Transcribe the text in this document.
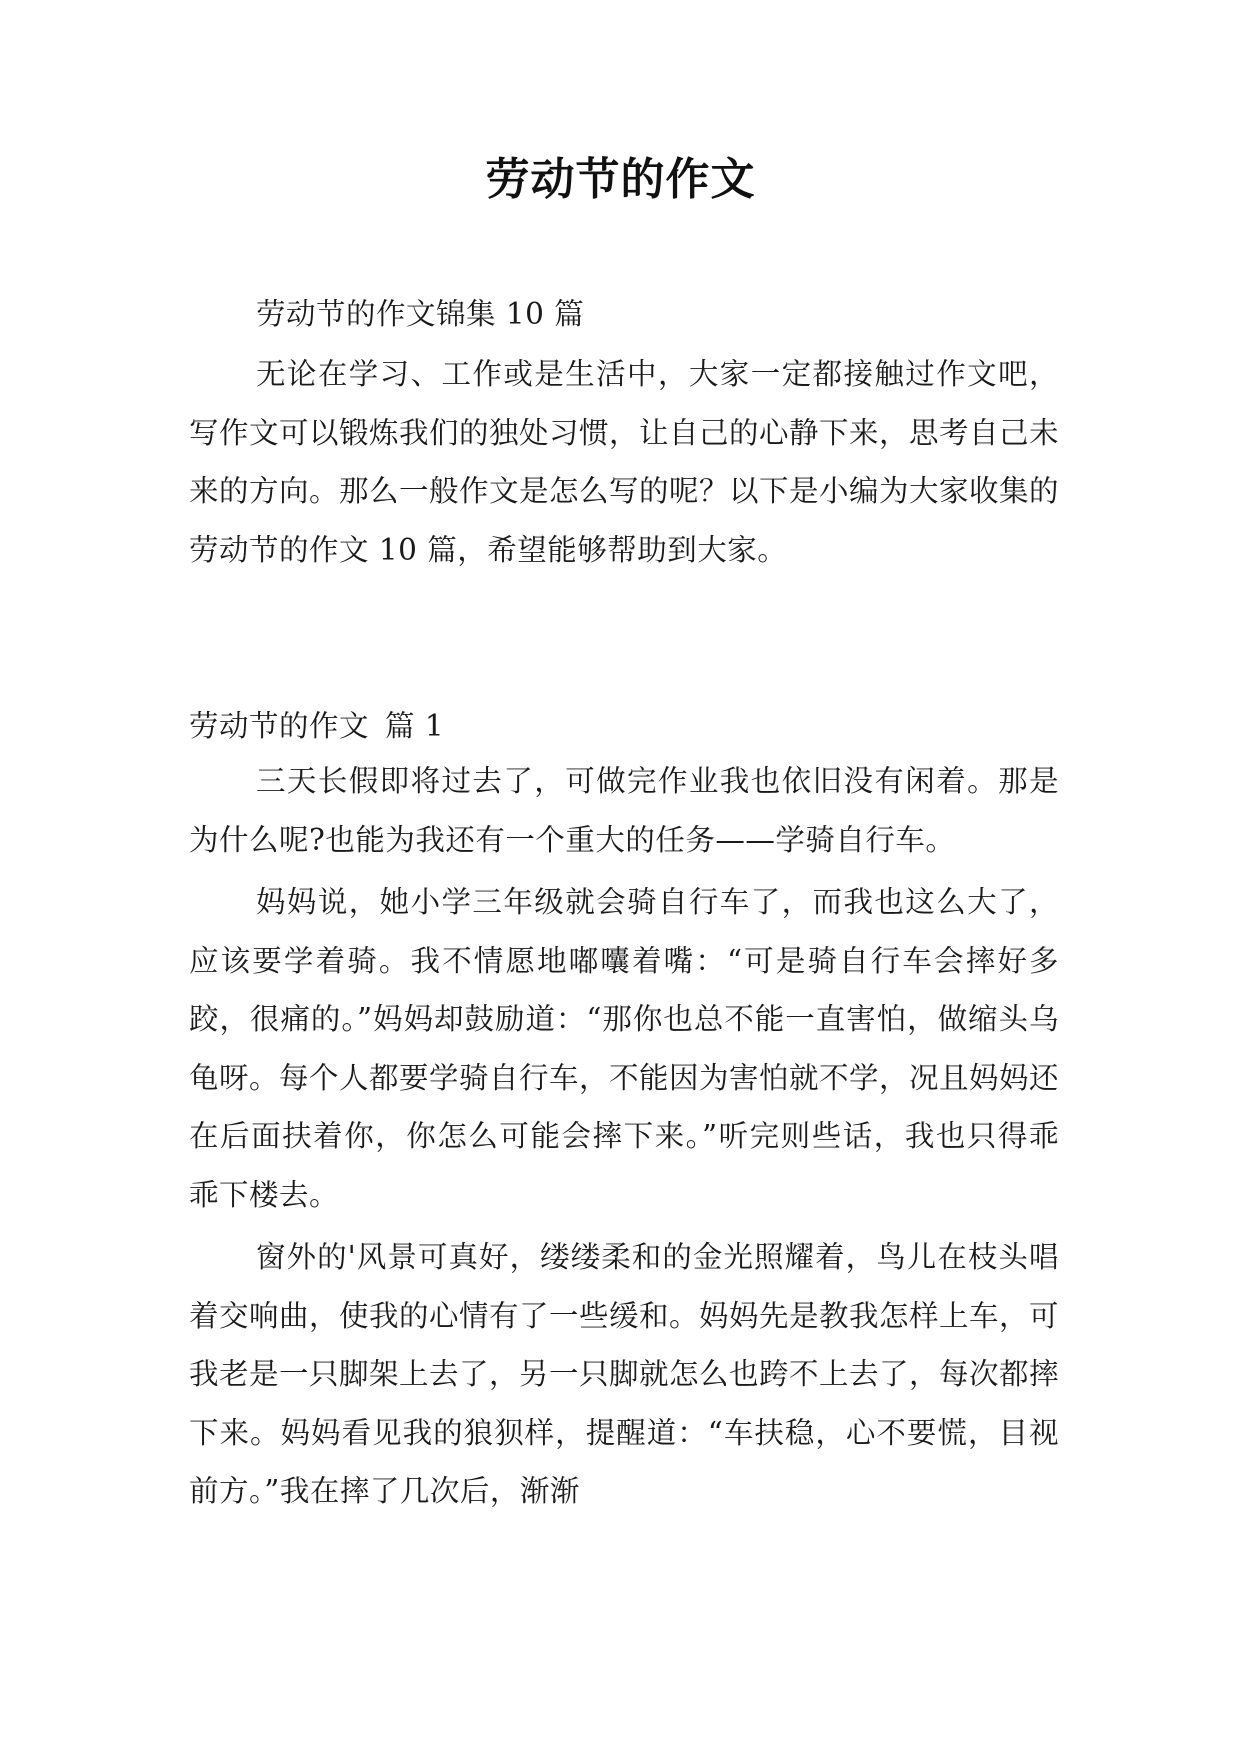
劳动节的作文
劳动节的作文锦集 10 篇
无论在学习、工作或是生活中，大家一定都接触过作文吧，写作文可以锻炼我们的独处习惯，让自己的心静下来，思考自己未来的方向。那么一般作文是怎么写的呢？以下是小编为大家收集的劳动节的作文 10 篇，希望能够帮助到大家。
劳动节的作文 篇 1

三天长假即将过去了，可做完作业我也依旧没有闲着。那是为什么呢?也能为我还有一个重大的任务——学骑自行车。

妈妈说，她小学三年级就会骑自行车了，而我也这么大了，应该要学着骑。我不情愿地嘟囔着嘴：“可是骑自行车会摔好多跤，很痛的。”妈妈却鼓励道：“那你也总不能一直害怕，做缩头乌龟呀。每个人都要学骑自行车，不能因为害怕就不学，况且妈妈还在后面扶着你，你怎么可能会摔下来。”听完则些话，我也只得乖乖下楼去。

窗外的'风景可真好，缕缕柔和的金光照耀着，鸟儿在枝头唱着交响曲，使我的心情有了一些缓和。妈妈先是教我怎样上车，可我老是一只脚架上去了，另一只脚就怎么也跨不上去了，每次都摔下来。妈妈看见我的狼狈样，提醒道：“车扶稳，心不要慌，目视前方。”我在摔了几次后，渐渐
